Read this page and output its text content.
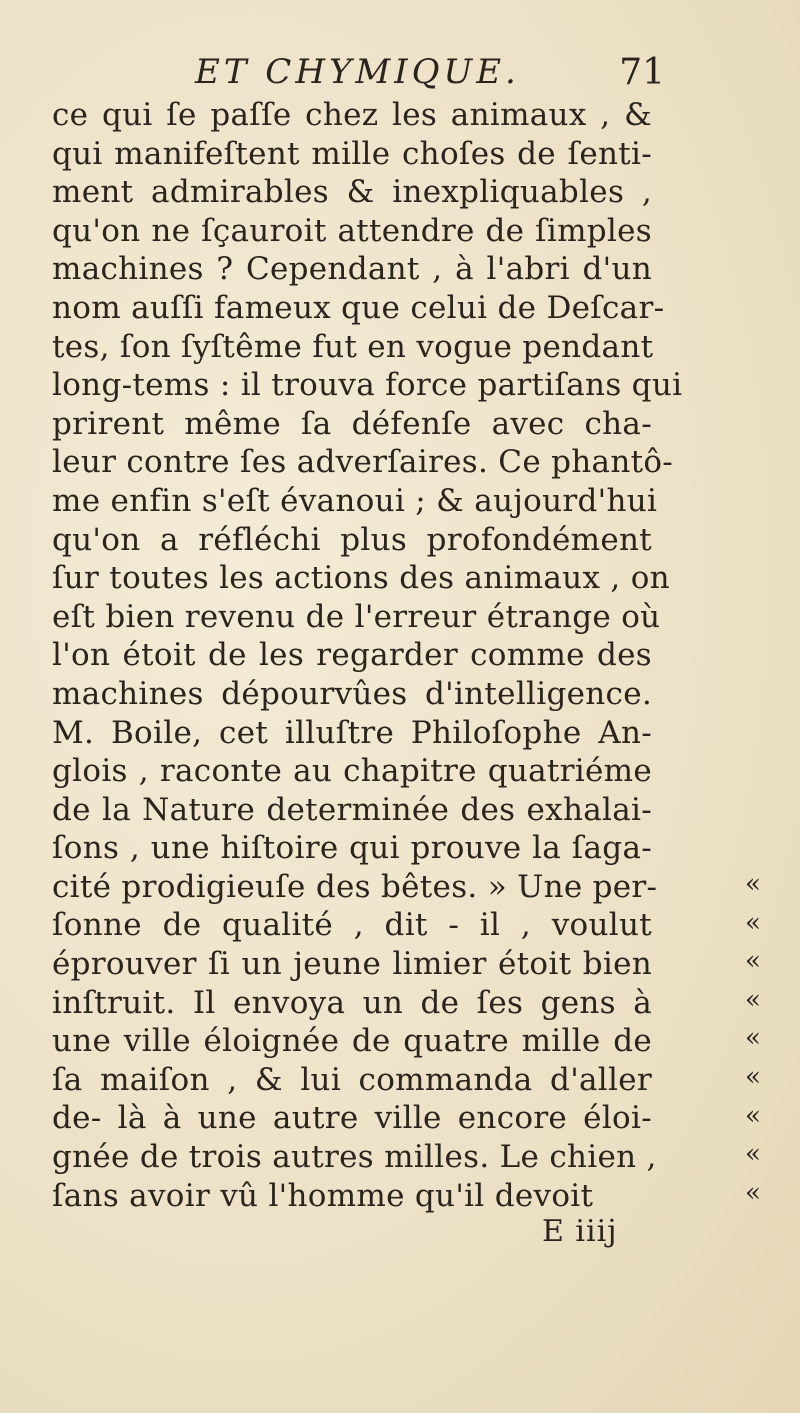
ET CHYMIQUE.	71
ce qui ſe paſſe chez les animaux , &
qui manifeſtent mille choſes de ſenti-
ment admirables & inexpliquables ,
qu'on ne ſçauroit attendre de ſimples
machines ? Cependant , à l'abri d'un
nom auſſi fameux que celui de Deſcar-
tes, ſon ſyſtême fut en vogue pendant
long-tems : il trouva force partiſans qui
prirent même ſa défenſe avec cha-
leur contre ſes adverſaires. Ce phantô-
me enfin s'eſt évanoui ; & aujourd'hui
qu'on a réfléchi plus profondément
ſur toutes les actions des animaux , on
eſt bien revenu de l'erreur étrange où
l'on étoit de les regarder comme des
machines dépourvûes d'intelligence.
M. Boile, cet illuſtre Philoſophe An-
glois , raconte au chapitre quatriéme
de la Nature determinée des exhalai-
ſons , une hiſtoire qui prouve la ſaga-
cité prodigieuſe des bêtes. » Une per-
ſonne de qualité , dit - il , voulut
éprouver ſi un jeune limier étoit bien
inſtruit. Il envoya un de ſes gens à
une ville éloignée de quatre mille de
ſa maiſon , & lui commanda d'aller
de- là à une autre ville encore éloi-
gnée de trois autres milles. Le chien ,
ſans avoir vû l'homme qu'il devoit
«
«
«
«
«
«
«
«
«
E iiij
